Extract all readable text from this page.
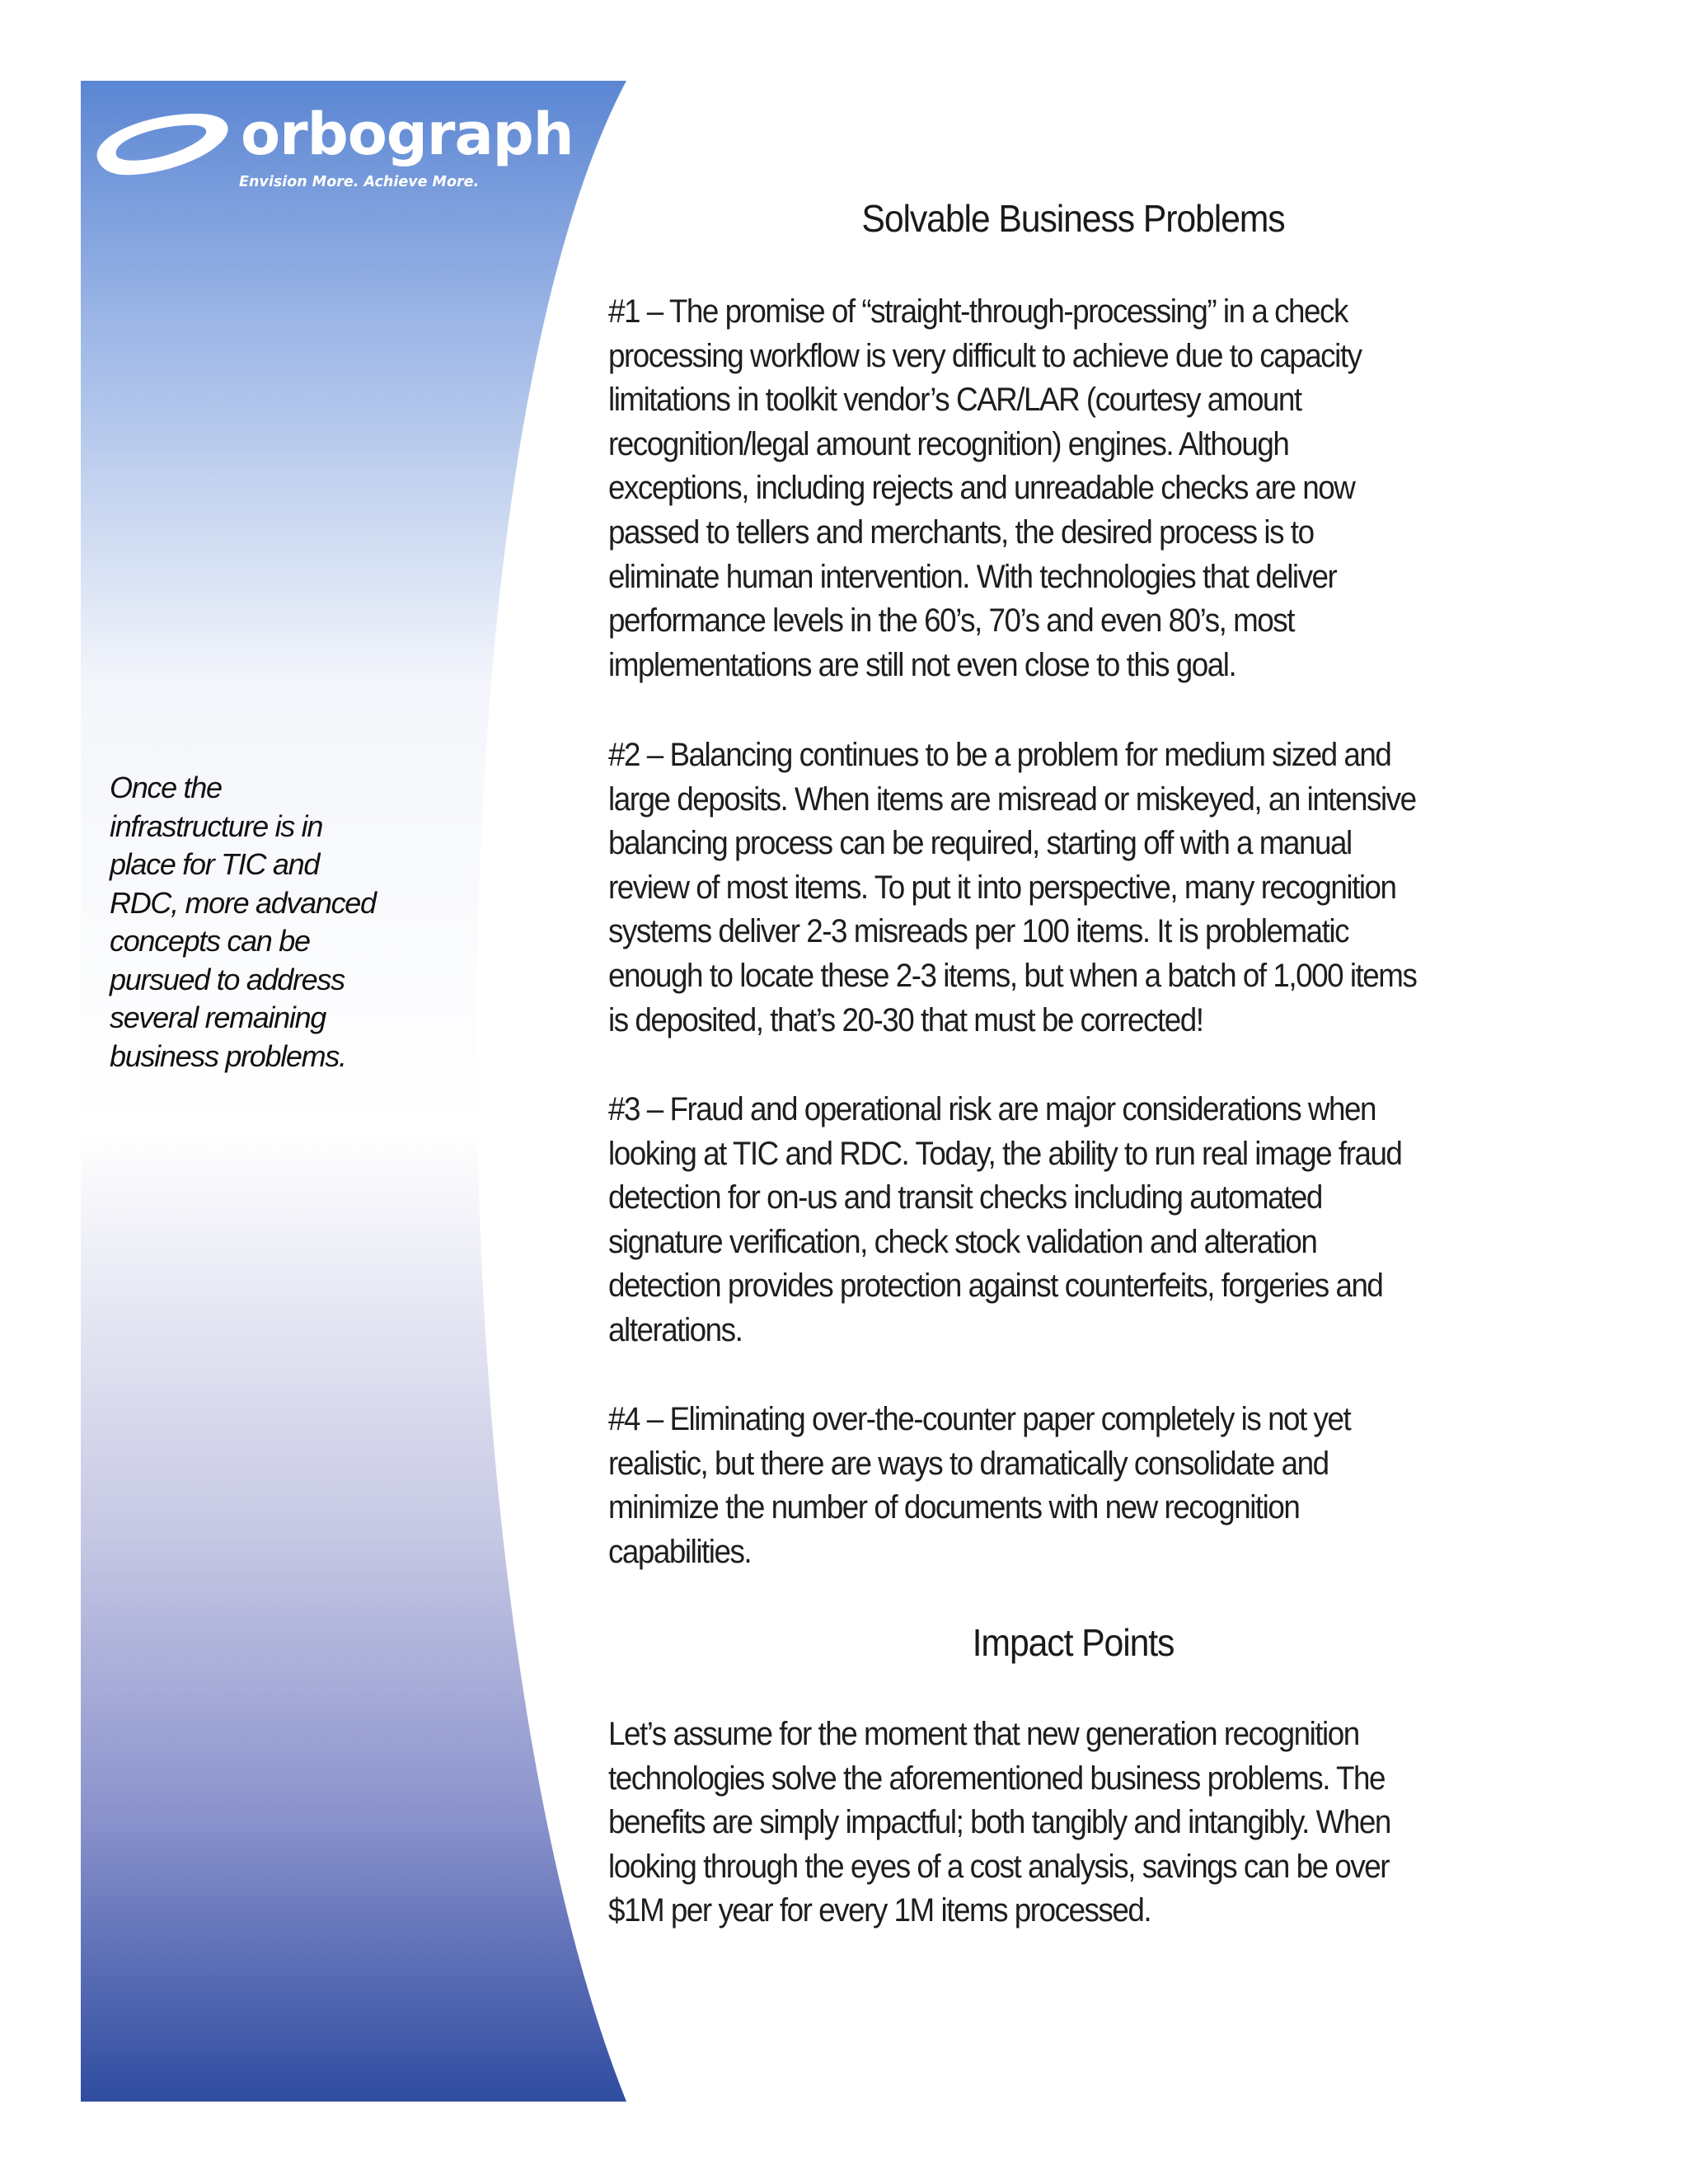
orbograph
Envision More. Achieve More.
Once the
infrastructure is in
place for TIC and
RDC, more advanced
concepts can be
pursued to address
several remaining
business problems.
Solvable Business Problems

#1 – The promise of “straight-through-processing” in a check
processing workflow is very difficult to achieve due to capacity
limitations in toolkit vendor’s CAR/LAR (courtesy amount
recognition/legal amount recognition) engines. Although
exceptions, including rejects and unreadable checks are now
passed to tellers and merchants, the desired process is to
eliminate human intervention. With technologies that deliver
performance levels in the 60’s, 70’s and even 80’s, most
implementations are still not even close to this goal.

#2 – Balancing continues to be a problem for medium sized and
large deposits. When items are misread or miskeyed, an intensive
balancing process can be required, starting off with a manual
review of most items. To put it into perspective, many recognition
systems deliver 2-3 misreads per 100 items. It is problematic
enough to locate these 2-3 items, but when a batch of 1,000 items
is deposited, that’s 20-30 that must be corrected!

#3 – Fraud and operational risk are major considerations when
looking at TIC and RDC. Today, the ability to run real image fraud
detection for on-us and transit checks including automated
signature verification, check stock validation and alteration
detection provides protection against counterfeits, forgeries and
alterations.

#4 – Eliminating over-the-counter paper completely is not yet
realistic, but there are ways to dramatically consolidate and
minimize the number of documents with new recognition
capabilities.

Impact Points

Let’s assume for the moment that new generation recognition
technologies solve the aforementioned business problems. The
benefits are simply impactful; both tangibly and intangibly. When
looking through the eyes of a cost analysis, savings can be over
$1M per year for every 1M items processed.
